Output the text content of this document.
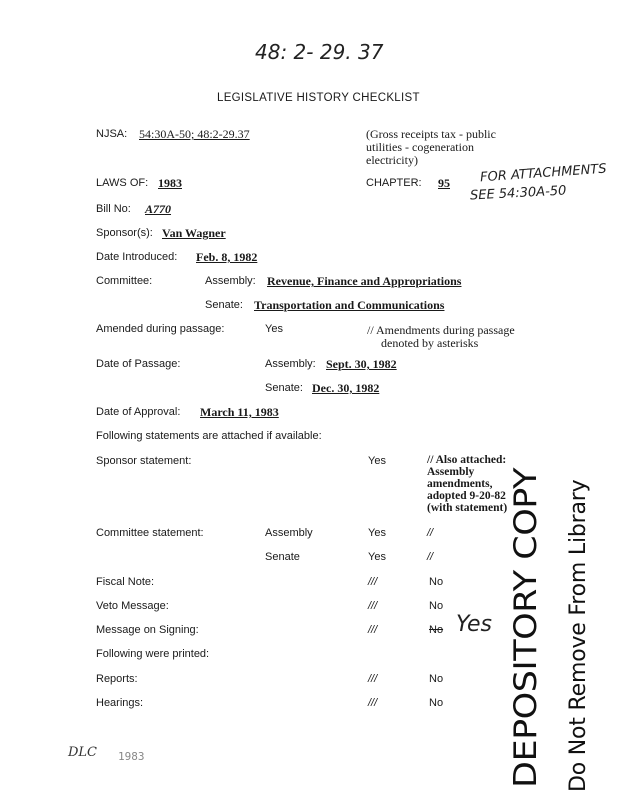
48: 2- 29. 37
LEGISLATIVE HISTORY CHECKLIST
NJSA: 54:30A-50; 48:2-29.37	(Gross receipts tax - public
utilities - cogeneration
electricity)
LAWS OF: 1983	CHAPTER: 95 FOR ATTACHMENTS
SEE 54:30A-50
Bill No: A770
Sponsor(s): Van Wagner
Date Introduced: Feb. 8, 1982
Committee:	Assembly: Revenue, Finance and Appropriations
Senate: Transportation and Communications
Amended during passage:	Yes	// Amendments during passage
denoted by asterisks
Date of Passage:	Assembly: Sept. 30, 1982
Senate: Dec. 30, 1982
Date of Approval: March 11, 1983
Following statements are attached if available:
Sponsor statement:	Yes	// Also attached:
Assembly
amendments,
adopted 9-20-82
(with statement)
Committee statement:	Assembly	Yes	//
Senate	Yes	//
Fiscal Note:	///	No
Veto Message:	///	No
Message on Signing:	///	No Yes
Following were printed:
Reports:	///	No
Hearings:	///	No
DLC 1983	DEPOSITORY COPY Do Not Remove From Library
